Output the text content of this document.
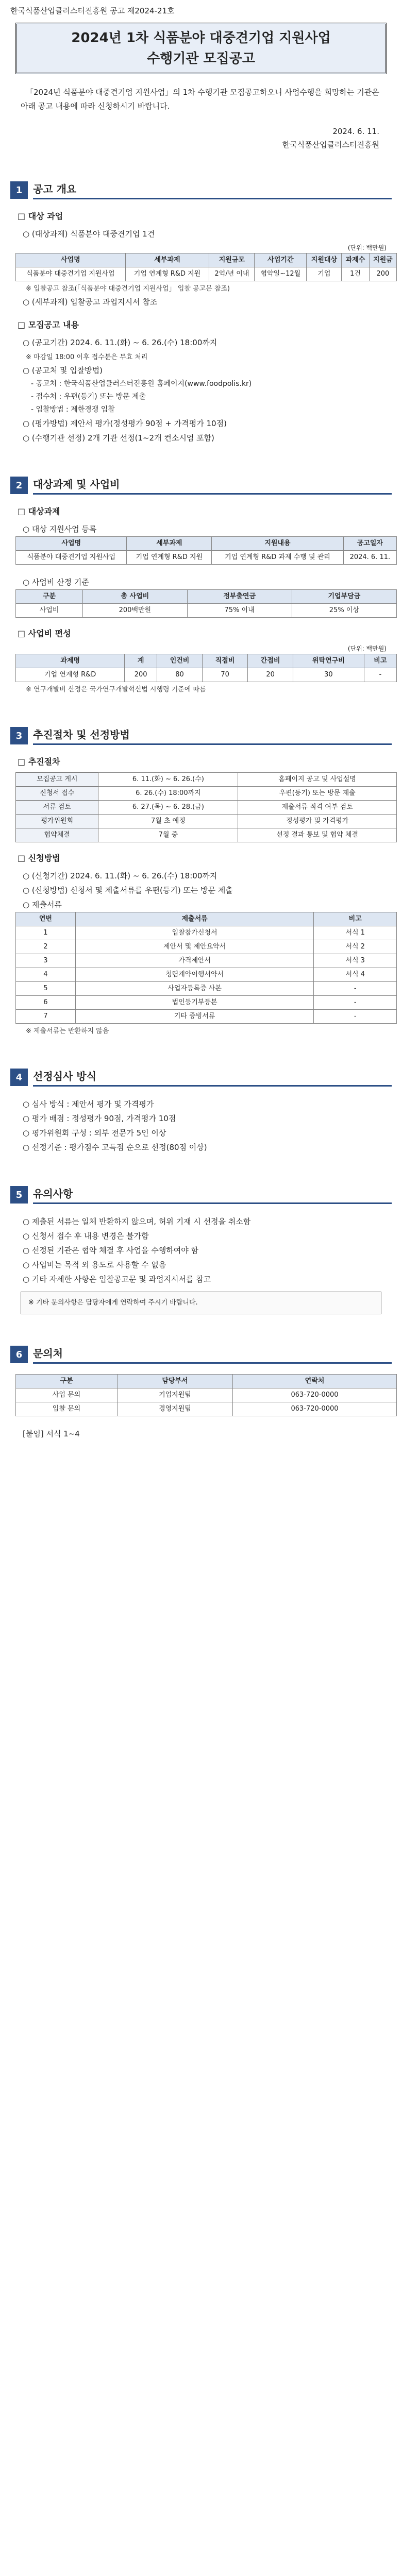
한국식품산업클러스터진흥원 공고 제2024-21호
2024년 1차 식품분야 대중견기업 지원사업
수행기관 모집공고

「2024년 식품분야 대중견기업 지원사업」의 1차 수행기관 모집공고하오니 사업수행을 희망하는 기관은 아래 공고 내용에 따라 신청하시기 바랍니다.

2024. 6. 11.
한국식품산업클러스터진흥원
1	공고 개요
□ 대상 과업
○ (대상과제) 식품분야 대중견기업 1건
(단위: 백만원)
사업명	세부과제	지원규모	사업기간	지원대상	과제수	지원금
식품분야 대중견기업 지원사업	기업 연계형 R&D 지원	2억/년 이내	협약일~12월	기업	1건	200
※ 입찰공고 참조(「식품분야 대중견기업 지원사업」 입찰 공고문 참조)
○ (세부과제) 입찰공고 과업지시서 참조
□ 모집공고 내용
○ (공고기간) 2024. 6. 11.(화) ~ 6. 26.(수) 18:00까지
※ 마감일 18:00 이후 접수분은 무효 처리
○ (공고처 및 입찰방법)
- 공고처 : 한국식품산업클러스터진흥원 홈페이지(www.foodpolis.kr)
- 접수처 : 우편(등기) 또는 방문 제출
- 입찰방법 : 제한경쟁 입찰
○ (평가방법) 제안서 평가(정성평가 90점 + 가격평가 10점)
○ (수행기관 선정) 2개 기관 선정(1~2개 컨소시엄 포함)
2	대상과제 및 사업비
□ 대상과제
○ 대상 지원사업 등록
사업명	세부과제	지원내용	공고일자
식품분야 대중견기업 지원사업	기업 연계형 R&D 지원	기업 연계형 R&D 과제 수행 및 관리	2024. 6. 11.
○ 사업비 산정 기준
구분	총 사업비	정부출연금	기업부담금
사업비	200백만원	75% 이내	25% 이상
□ 사업비 편성
(단위: 백만원)
과제명	계	인건비	직접비	간접비	위탁연구비	비고
기업 연계형 R&D	200	80	70	20	30	-
※ 연구개발비 산정은 국가연구개발혁신법 시행령 기준에 따름
3	추진절차 및 선정방법
□ 추진절차
모집공고 게시	6. 11.(화) ~ 6. 26.(수)	홈페이지 공고 및 사업설명
신청서 접수	6. 26.(수) 18:00까지	우편(등기) 또는 방문 제출
서류 검토	6. 27.(목) ~ 6. 28.(금)	제출서류 적격 여부 검토
평가위원회	7월 초 예정	정성평가 및 가격평가
협약체결	7월 중	선정 결과 통보 및 협약 체결
□ 신청방법
○ (신청기간) 2024. 6. 11.(화) ~ 6. 26.(수) 18:00까지
○ (신청방법) 신청서 및 제출서류를 우편(등기) 또는 방문 제출
○ 제출서류
연번	제출서류	비고
1	입찰참가신청서	서식 1
2	제안서 및 제안요약서	서식 2
3	가격제안서	서식 3
4	청렴계약이행서약서	서식 4
5	사업자등록증 사본	-
6	법인등기부등본	-
7	기타 증빙서류	-
※ 제출서류는 반환하지 않음
4	선정심사 방식
○ 심사 방식 : 제안서 평가 및 가격평가
○ 평가 배점 : 정성평가 90점, 가격평가 10점
○ 평가위원회 구성 : 외부 전문가 5인 이상
○ 선정기준 : 평가점수 고득점 순으로 선정(80점 이상)
5	유의사항
○ 제출된 서류는 일체 반환하지 않으며, 허위 기재 시 선정을 취소함
○ 신청서 접수 후 내용 변경은 불가함
○ 선정된 기관은 협약 체결 후 사업을 수행하여야 함
○ 사업비는 목적 외 용도로 사용할 수 없음
○ 기타 자세한 사항은 입찰공고문 및 과업지시서를 참고
※ 기타 문의사항은 담당자에게 연락하여 주시기 바랍니다.
6	문의처
구분	담당부서	연락처
사업 문의	기업지원팀	063-720-0000
입찰 문의	경영지원팀	063-720-0000
[붙임] 서식 1~4
